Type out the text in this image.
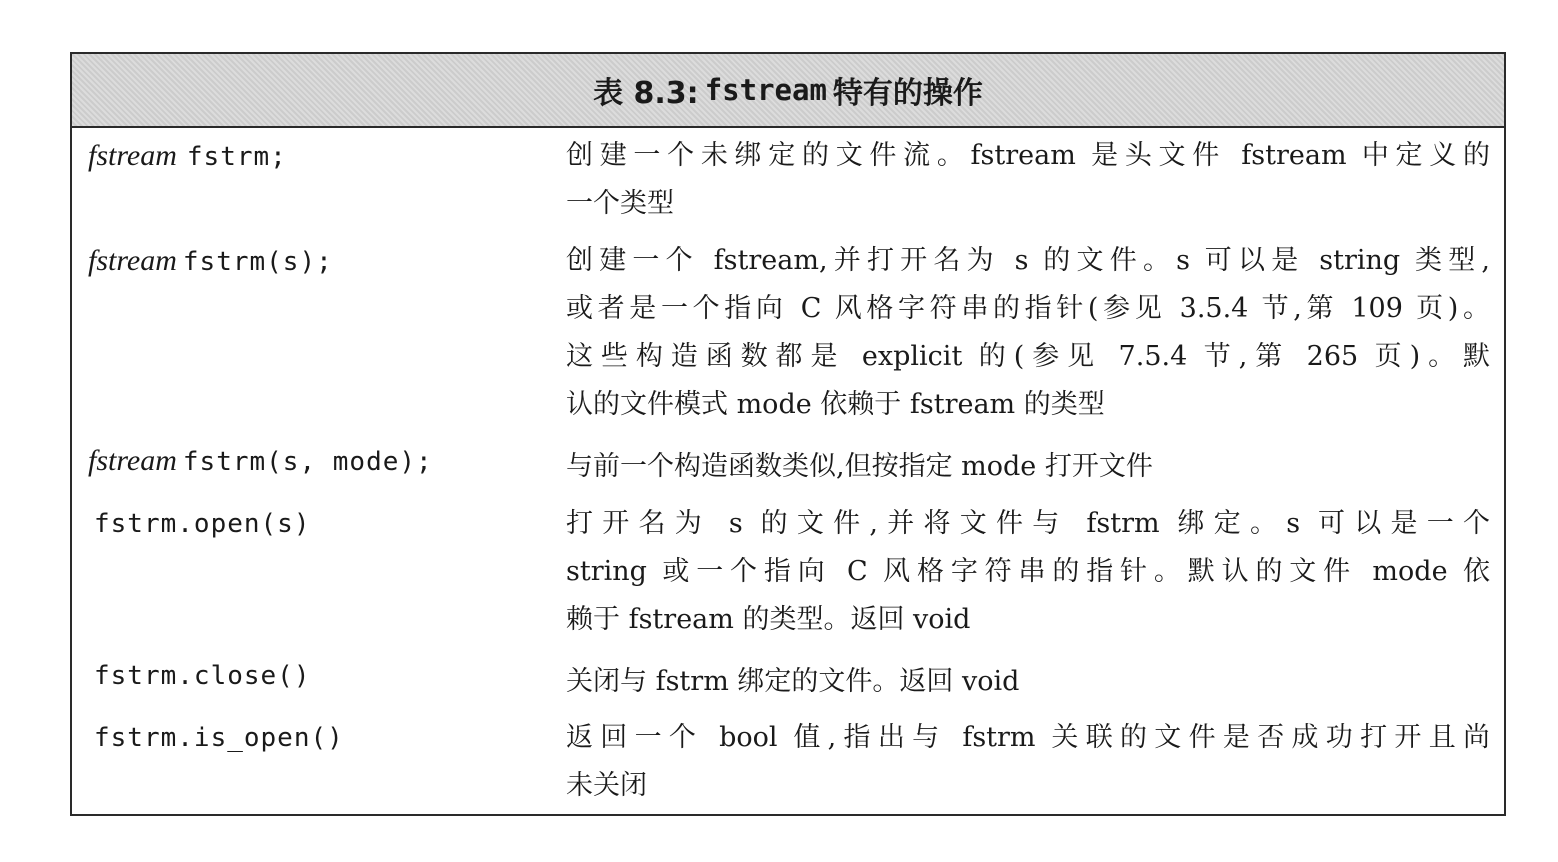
表 8.3: fstream 特有的操作
fstream fstrm;	创建一个未绑定的文件流。fstream 是头文件 fstream 中定义的
一个类型
fstream fstrm(s);	创建一个 fstream,并打开名为 s 的文件。s 可以是 string 类型,
或者是一个指向 C 风格字符串的指针(参见 3.5.4 节,第 109 页)。
这些构造函数都是 explicit 的(参见 7.5.4 节,第 265 页)。默
认的文件模式 mode 依赖于 fstream 的类型
fstream fstrm(s, mode);	与前一个构造函数类似,但按指定 mode 打开文件
fstrm.open(s)	打开名为 s 的文件,并将文件与 fstrm 绑定。s 可以是一个
string 或一个指向 C 风格字符串的指针。默认的文件 mode 依
赖于 fstream 的类型。返回 void
fstrm.close()	关闭与 fstrm 绑定的文件。返回 void
fstrm.is_open()	返回一个 bool 值,指出与 fstrm 关联的文件是否成功打开且尚
未关闭
